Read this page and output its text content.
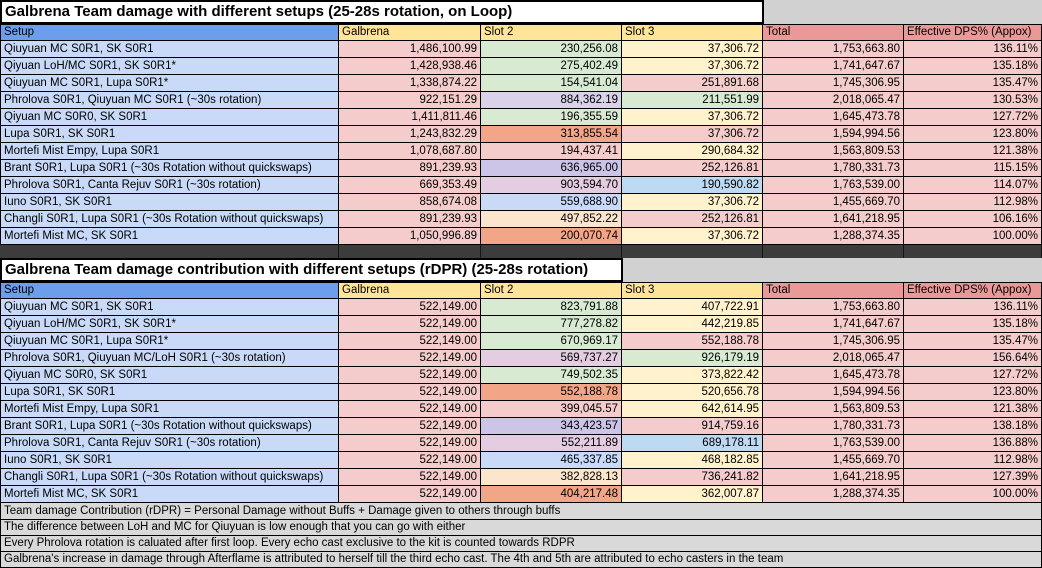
Galbrena Team damage with different setups (25-28s rotation, on Loop)
Setup	Galbrena	Slot 2	Slot 3	Total	Effective DPS% (Appox)
Qiuyuan MC S0R1, SK S0R1	1,486,100.99	230,256.08	37,306.72	1,753,663.80	136.11%
Qiyuan LoH/MC S0R1, SK S0R1*	1,428,938.46	275,402.49	37,306.72	1,741,647.67	135.18%
Qiuyuan MC S0R1, Lupa S0R1*	1,338,874.22	154,541.04	251,891.68	1,745,306.95	135.47%
Phrolova S0R1, Qiuyuan MC S0R1 (~30s rotation)	922,151.29	884,362.19	211,551.99	2,018,065.47	130.53%
Qiyuan MC S0R0, SK S0R1	1,411,811.46	196,355.59	37,306.72	1,645,473.78	127.72%
Lupa S0R1, SK S0R1	1,243,832.29	313,855.54	37,306.72	1,594,994.56	123.80%
Mortefi Mist Empy, Lupa S0R1	1,078,687.80	194,437.41	290,684.32	1,563,809.53	121.38%
Brant S0R1, Lupa S0R1 (~30s Rotation without quickswaps)	891,239.93	636,965.00	252,126.81	1,780,331.73	115.15%
Phrolova S0R1, Canta Rejuv S0R1 (~30s rotation)	669,353.49	903,594.70	190,590.82	1,763,539.00	114.07%
Iuno S0R1, SK S0R1	858,674.08	559,688.90	37,306.72	1,455,669.70	112.98%
Changli S0R1, Lupa S0R1 (~30s Rotation without quickswaps)	891,239.93	497,852.22	252,126.81	1,641,218.95	106.16%
Mortefi Mist MC, SK S0R1	1,050,996.89	200,070.74	37,306.72	1,288,374.35	100.00%
Galbrena Team damage contribution with different setups (rDPR) (25-28s rotation)
Setup	Galbrena	Slot 2	Slot 3	Total	Effective DPS% (Appox)
Qiuyuan MC S0R1, SK S0R1	522,149.00	823,791.88	407,722.91	1,753,663.80	136.11%
Qiyuan LoH/MC S0R1, SK S0R1*	522,149.00	777,278.82	442,219.85	1,741,647.67	135.18%
Qiuyuan MC S0R1, Lupa S0R1*	522,149.00	670,969.17	552,188.78	1,745,306.95	135.47%
Phrolova S0R1, Qiuyuan MC/LoH S0R1 (~30s rotation)	522,149.00	569,737.27	926,179.19	2,018,065.47	156.64%
Qiyuan MC S0R0, SK S0R1	522,149.00	749,502.35	373,822.42	1,645,473.78	127.72%
Lupa S0R1, SK S0R1	522,149.00	552,188.78	520,656.78	1,594,994.56	123.80%
Mortefi Mist Empy, Lupa S0R1	522,149.00	399,045.57	642,614.95	1,563,809.53	121.38%
Brant S0R1, Lupa S0R1 (~30s Rotation without quickswaps)	522,149.00	343,423.57	914,759.16	1,780,331.73	138.18%
Phrolova S0R1, Canta Rejuv S0R1 (~30s rotation)	522,149.00	552,211.89	689,178.11	1,763,539.00	136.88%
Iuno S0R1, SK S0R1	522,149.00	465,337.85	468,182.85	1,455,669.70	112.98%
Changli S0R1, Lupa S0R1 (~30s Rotation without quickswaps)	522,149.00	382,828.13	736,241.82	1,641,218.95	127.39%
Mortefi Mist MC, SK S0R1	522,149.00	404,217.48	362,007.87	1,288,374.35	100.00%
Team damage Contribution (rDPR) = Personal Damage without Buffs + Damage given to others through buffs
The difference between LoH and MC for Qiuyuan is low enough that you can go with either
Every Phrolova rotation is caluated after first loop. Every echo cast exclusive to the kit is counted towards RDPR
Galbrena's increase in damage through Afterflame is attributed to herself till the third echo cast. The 4th and 5th are attributed to echo casters in the team
